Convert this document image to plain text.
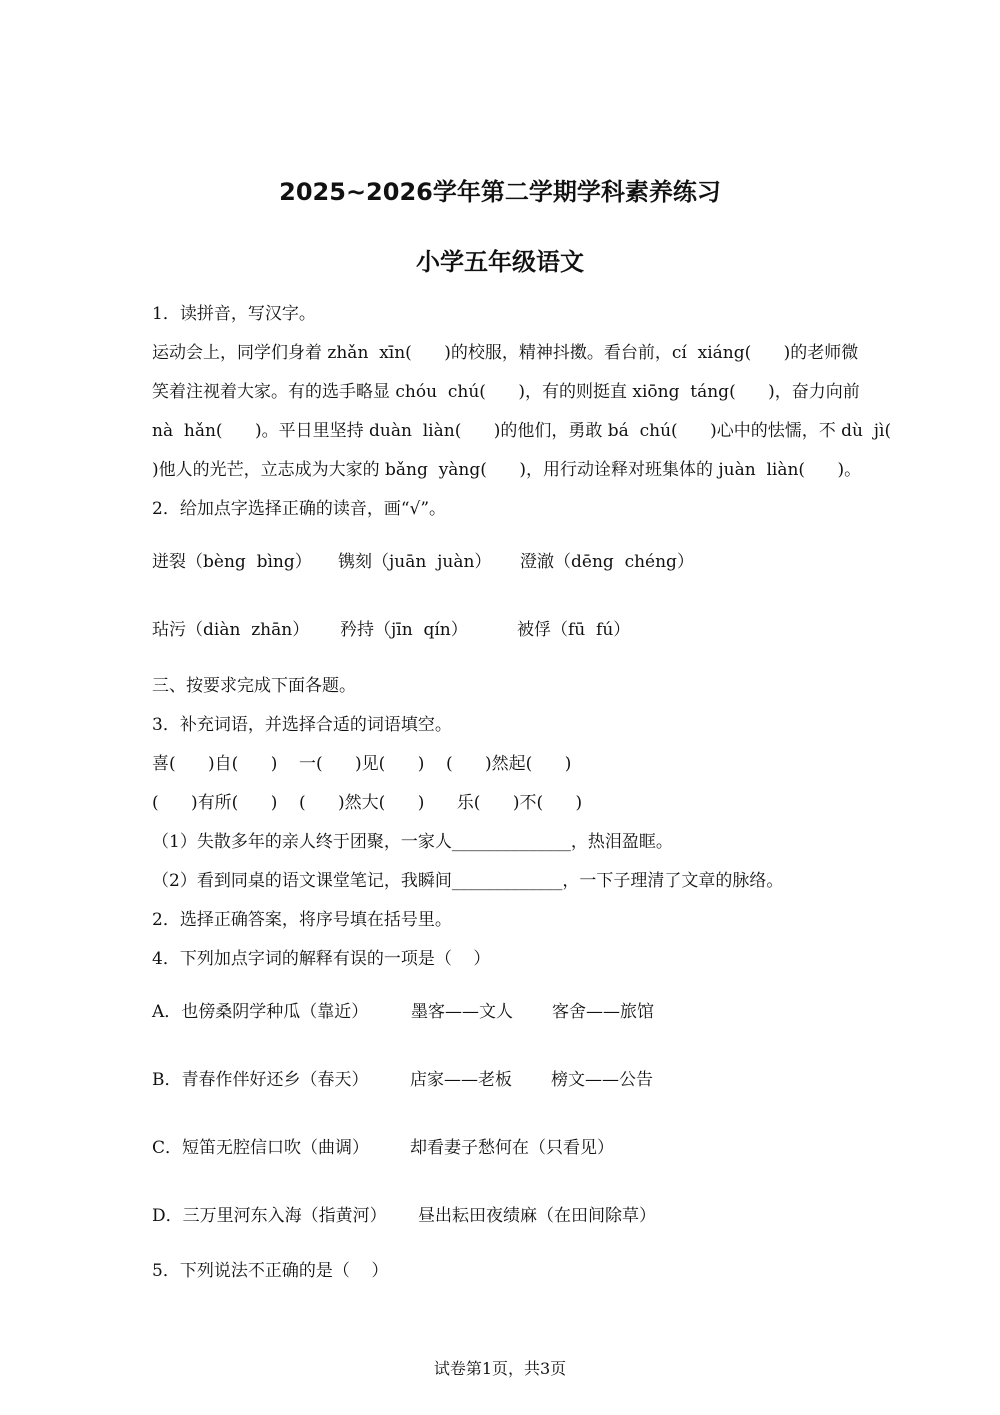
2025~2026学年第二学期学科素养练习
小学五年级语文
1．读拼音，写汉字。
运动会上，同学们身着 zhǎn  xīn(      )的校服，精神抖擞。看台前，cí  xiáng(      )的老师微
笑着注视着大家。有的选手略显 chóu  chú(      )，有的则挺直 xiōng  táng(      )，奋力向前
nà  hǎn(      )。平日里坚持 duàn  liàn(      )的他们，勇敢 bá  chú(      )心中的怯懦，不 dù  jì(
)他人的光芒，立志成为大家的 bǎng  yàng(      )，用行动诠释对班集体的 juàn  liàn(      )。
2．给加点字选择正确的读音，画“√”。
迸裂（bèng  bìng） 镌刻（juān  juàn） 澄澈（dēng  chéng）
玷污（diàn  zhān） 矜持（jīn  qín）	被俘（fū  fú）
三、按要求完成下面各题。
3．补充词语，并选择合适的词语填空。
喜(      )自(      )    一(      )见(      )    (      )然起(      )
(      )有所(      )    (      )然大(      )      乐(      )不(      )
（1）失散多年的亲人终于团聚，一家人______________，热泪盈眶。
（2）看到同桌的语文课堂笔记，我瞬间_____________，一下子理清了文章的脉络。
2．选择正确答案，将序号填在括号里。
4．下列加点字词的解释有误的一项是（    ）
A．也傍桑阴学种瓜（靠近）	墨客——文人 客舍——旅馆
B．青春作伴好还乡（春天） 店家——老板 榜文——公告
C．短笛无腔信口吹（曲调） 却看妻子愁何在（只看见）
D．三万里河东入海（指黄河） 昼出耘田夜绩麻（在田间除草）
5．下列说法不正确的是（    ）
试卷第1页，共3页
